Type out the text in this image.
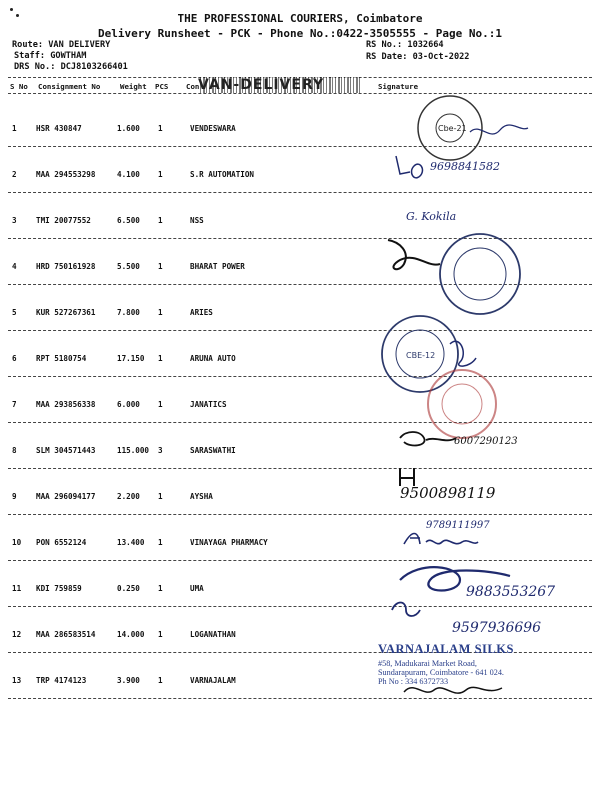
THE PROFESSIONAL COURIERS, Coimbatore
Delivery Runsheet - PCK - Phone No.:0422-3505555 - Page No.:1
Route: VAN DELIVERY
Staff: GOWTHAM
DRS No.: DCJ8103266401
RS No.: 1032664
RS Date: 03-Oct-2022
S No Consignment No	Weight PCS Con	Signature
VAN-DELIVERY
1	HSR 430847	1.600 1	VENDESWARA
2	MAA 294553298	4.100 1	S.R AUTOMATION
3	TMI 20077552	6.500 1	NSS
4	HRD 750161928	5.500 1	BHARAT POWER
5	KUR 527267361	7.800 1	ARIES
6	RPT 5180754	17.150 1	ARUNA AUTO
7	MAA 293856338	6.000 1	JANATICS
8	SLM 304571443	115.000 3	SARASWATHI
9	MAA 296094177	2.200 1	AYSHA
10 PON 6552124	13.400 1	VINAYAGA PHARMACY
11 KDI 759859	0.250 1	UMA
12 MAA 286583514	14.000 1	LOGANATHAN
13 TRP 4174123	3.900 1	VARNAJALAM
Cbe-21
9698841582
G. Kokila
CBE-12
6007290123
9500898119
9789111997
9883553267
9597936696
VARNAJALAM SILKS
#58, Madukarai Market Road,
Sundarapuram, Coimbatore - 641 024.
Ph No : 334 6372733
